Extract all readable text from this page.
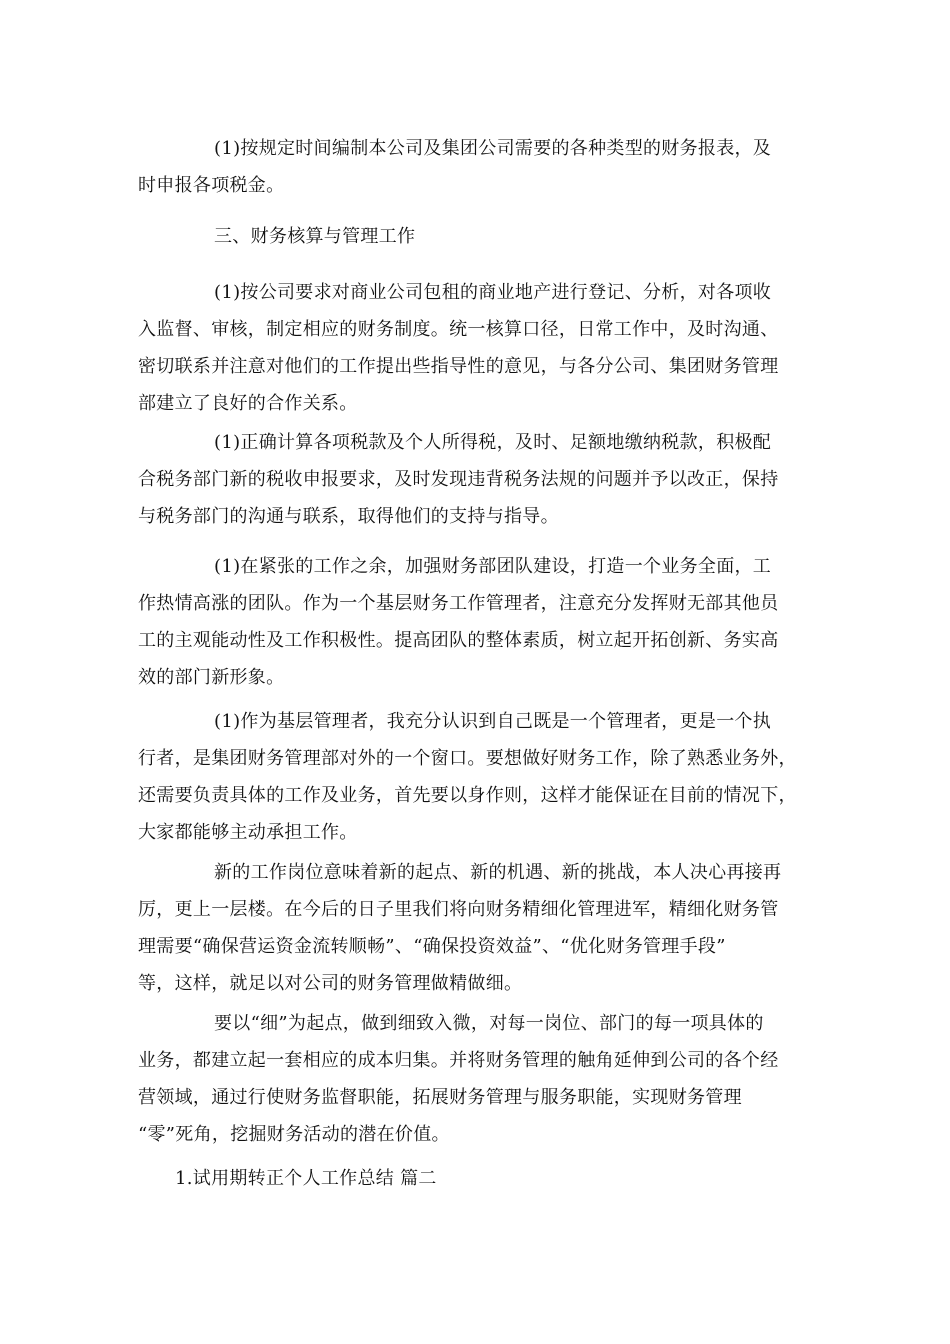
(1)按规定时间编制本公司及集团公司需要的各种类型的财务报表，及
时申报各项税金。

三、财务核算与管理工作

(1)按公司要求对商业公司包租的商业地产进行登记、分析，对各项收
入监督、审核，制定相应的财务制度。统一核算口径，日常工作中，及时沟通、
密切联系并注意对他们的工作提出些指导性的意见，与各分公司、集团财务管理
部建立了良好的合作关系。

(1)正确计算各项税款及个人所得税，及时、足额地缴纳税款，积极配
合税务部门新的税收申报要求，及时发现违背税务法规的问题并予以改正，保持
与税务部门的沟通与联系，取得他们的支持与指导。

(1)在紧张的工作之余，加强财务部团队建设，打造一个业务全面，工
作热情高涨的团队。作为一个基层财务工作管理者，注意充分发挥财无部其他员
工的主观能动性及工作积极性。提高团队的整体素质，树立起开拓创新、务实高
效的部门新形象。

(1)作为基层管理者，我充分认识到自己既是一个管理者，更是一个执
行者，是集团财务管理部对外的一个窗口。要想做好财务工作，除了熟悉业务外，
还需要负责具体的工作及业务，首先要以身作则，这样才能保证在目前的情况下，
大家都能够主动承担工作。

新的工作岗位意味着新的起点、新的机遇、新的挑战，本人决心再接再
厉，更上一层楼。在今后的日子里我们将向财务精细化管理进军，精细化财务管
理需要“确保营运资金流转顺畅”、“确保投资效益”、“优化财务管理手段”
等，这样，就足以对公司的财务管理做精做细。

要以“细”为起点，做到细致入微，对每一岗位、部门的每一项具体的
业务，都建立起一套相应的成本归集。并将财务管理的触角延伸到公司的各个经
营领域，通过行使财务监督职能，拓展财务管理与服务职能，实现财务管理
“零”死角，挖掘财务活动的潜在价值。

1.试用期转正个人工作总结 篇二
